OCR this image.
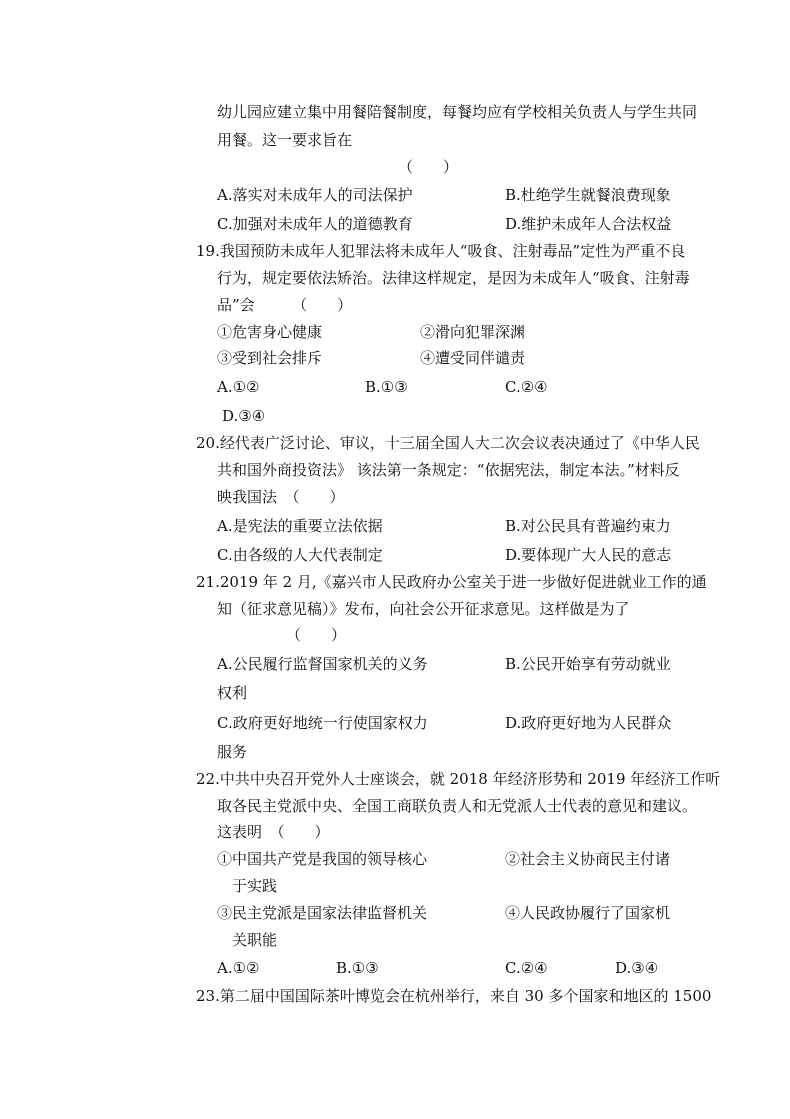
幼儿园应建立集中用餐陪餐制度，每餐均应有学校相关负责人与学生共同
用餐。这一要求旨在
（　　）
A.落实对未成年人的司法保护	B.杜绝学生就餐浪费现象
C.加强对未成年人的道德教育	D.维护未成年人合法权益
19.我国预防未成年人犯罪法将未成年人“吸食、注射毒品”定性为严重不良
行为，规定要依法矫治。法律这样规定，是因为未成年人“吸食、注射毒
品”会　　　（　　）
①危害身心健康	②滑向犯罪深渊
③受到社会排斥	④遭受同伴谴责
A.①②	B.①③	C.②④
D.③④
20.经代表广泛讨论、审议，十三届全国人大二次会议表决通过了《中华人民
共和国外商投资法》 该法第一条规定：“依据宪法，制定本法。”材料反
映我国法　（　　）
A.是宪法的重要立法依据	B.对公民具有普遍约束力
C.由各级的人大代表制定	D.要体现广大人民的意志
21.2019 年 2 月,《嘉兴市人民政府办公室关于进一步做好促进就业工作的通
知（征求意见稿）》发布，向社会公开征求意见。这样做是为了
（　　）
A.公民履行监督国家机关的义务	B.公民开始享有劳动就业
权利
C.政府更好地统一行使国家权力	D.政府更好地为人民群众
服务
22.中共中央召开党外人士座谈会，就 2018 年经济形势和 2019 年经济工作听
取各民主党派中央、全国工商联负责人和无党派人士代表的意见和建议。
这表明　（　　）
①中国共产党是我国的领导核心	②社会主义协商民主付诸
于实践
③民主党派是国家法律监督机关	④人民政协履行了国家机
关职能
A.①②	B.①③	C.②④	D.③④
23.第二届中国国际茶叶博览会在杭州举行，来自 30 多个国家和地区的 1500
